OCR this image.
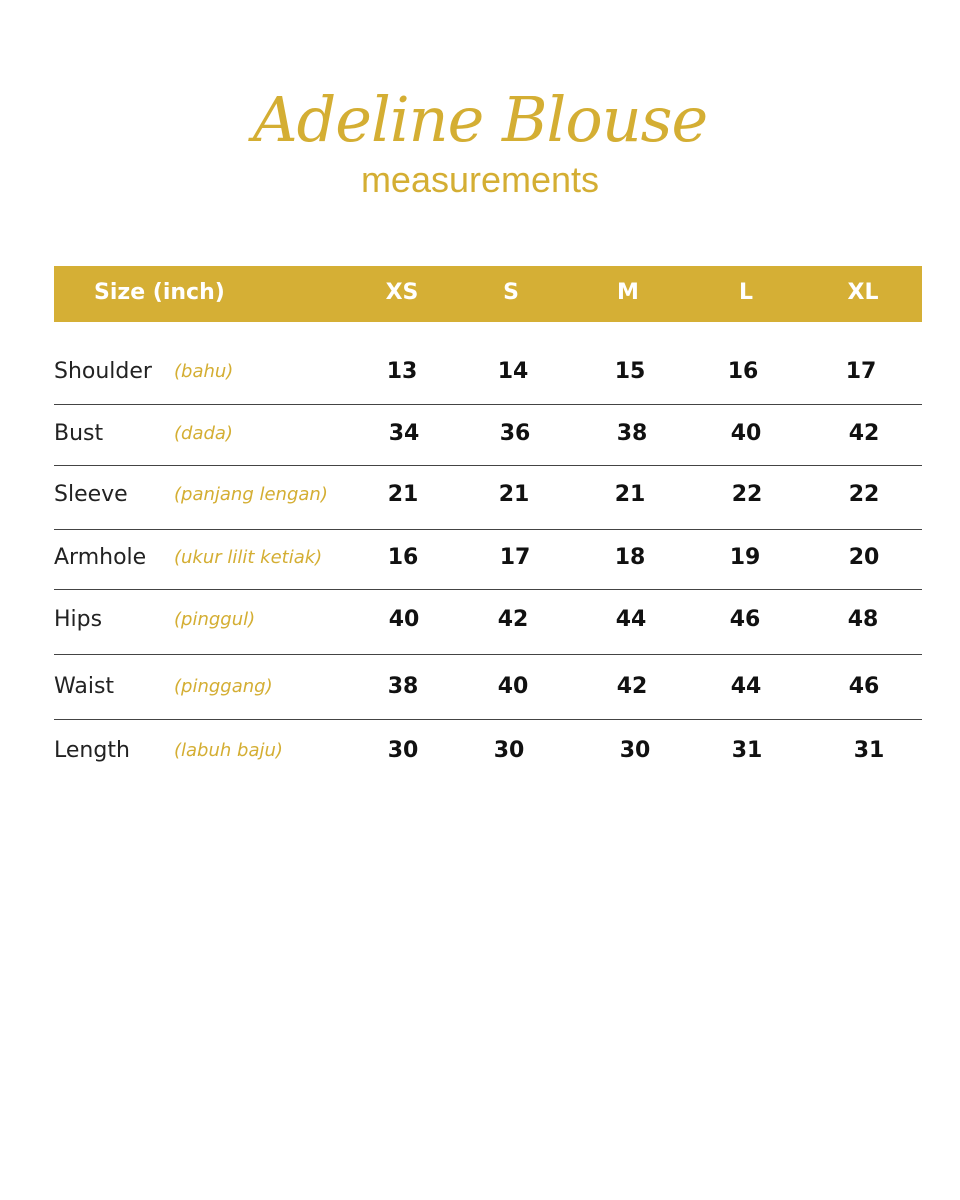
Adeline Blouse
measurements
Size (inch)	XS	S	M	L	XL
Shoulder (bahu)	13	14	15	16	17
Bust	(dada)	34	36	38	40	42
Sleeve	(panjang lengan)	21	21	21	22	22
Armhole (ukur lilit ketiak)	16	17	18	19	20
Hips	(pinggul)	40	42	44	46	48
Waist	(pinggang)	38	40	42	44	46
Length (labuh baju)	30	30	30	31	31
